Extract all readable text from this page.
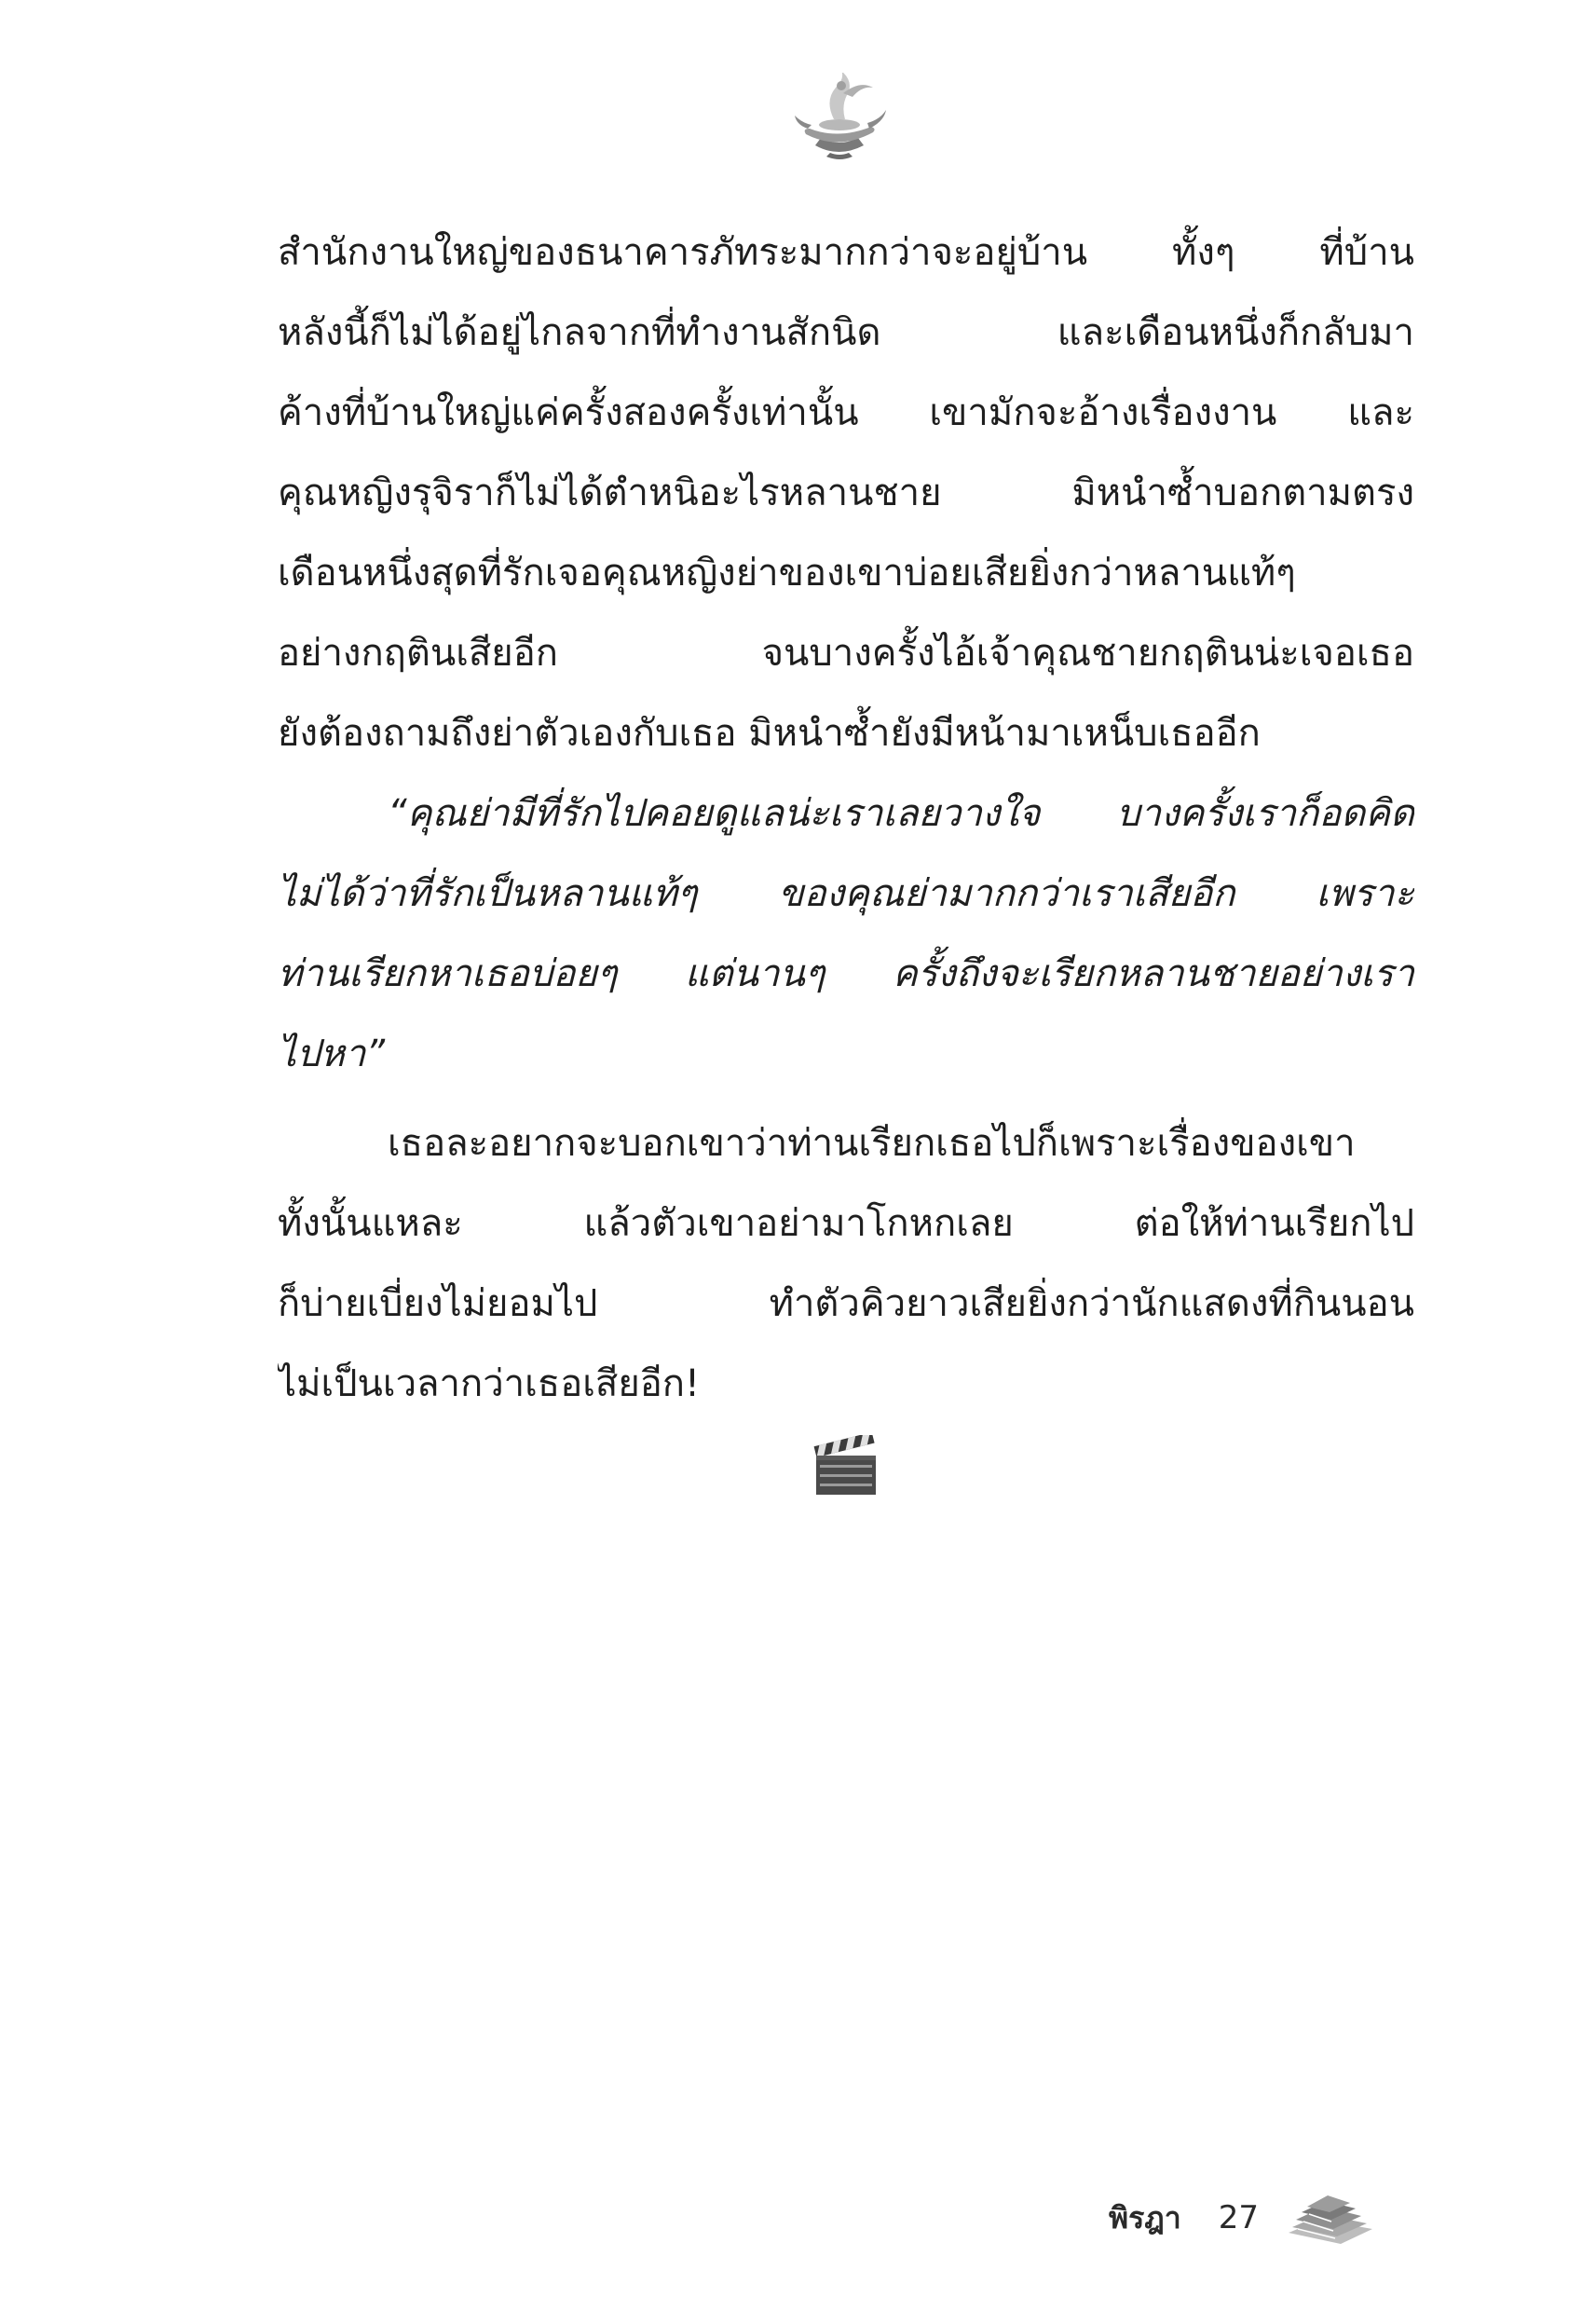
สำนักงานใหญ่ของธนาคารภัทระมากกว่าจะอยู่บ้าน ทั้งๆ ที่บ้าน
หลังนี้ก็ไม่ได้อยู่ไกลจากที่ทำงานสักนิด และเดือนหนึ่งก็กลับมา
ค้างที่บ้านใหญ่แค่ครั้งสองครั้งเท่านั้น เขามักจะอ้างเรื่องงาน และ
คุณหญิงรุจิราก็ไม่ได้ตำหนิอะไรหลานชาย มิหนำซ้ำบอกตามตรง
เดือนหนึ่งสุดที่รักเจอคุณหญิงย่าของเขาบ่อยเสียยิ่งกว่าหลานแท้ๆ
อย่างกฤตินเสียอีก จนบางครั้งไอ้เจ้าคุณชายกฤตินน่ะเจอเธอ
ยังต้องถามถึงย่าตัวเองกับเธอ มิหนำซ้ำยังมีหน้ามาเหน็บเธออีก
“คุณย่ามีที่รักไปคอยดูแลน่ะเราเลยวางใจ บางครั้งเราก็อดคิด
ไม่ได้ว่าที่รักเป็นหลานแท้ๆ ของคุณย่ามากกว่าเราเสียอีก เพราะ
ท่านเรียกหาเธอบ่อยๆ แต่นานๆ ครั้งถึงจะเรียกหลานชายอย่างเรา
ไปหา”
เธอละอยากจะบอกเขาว่าท่านเรียกเธอไปก็เพราะเรื่องของเขา
ทั้งนั้นแหละ แล้วตัวเขาอย่ามาโกหกเลย ต่อให้ท่านเรียกไป
ก็บ่ายเบี่ยงไม่ยอมไป ทำตัวคิวยาวเสียยิ่งกว่านักแสดงที่กินนอน
ไม่เป็นเวลากว่าเธอเสียอีก!
พิรฎา 27
